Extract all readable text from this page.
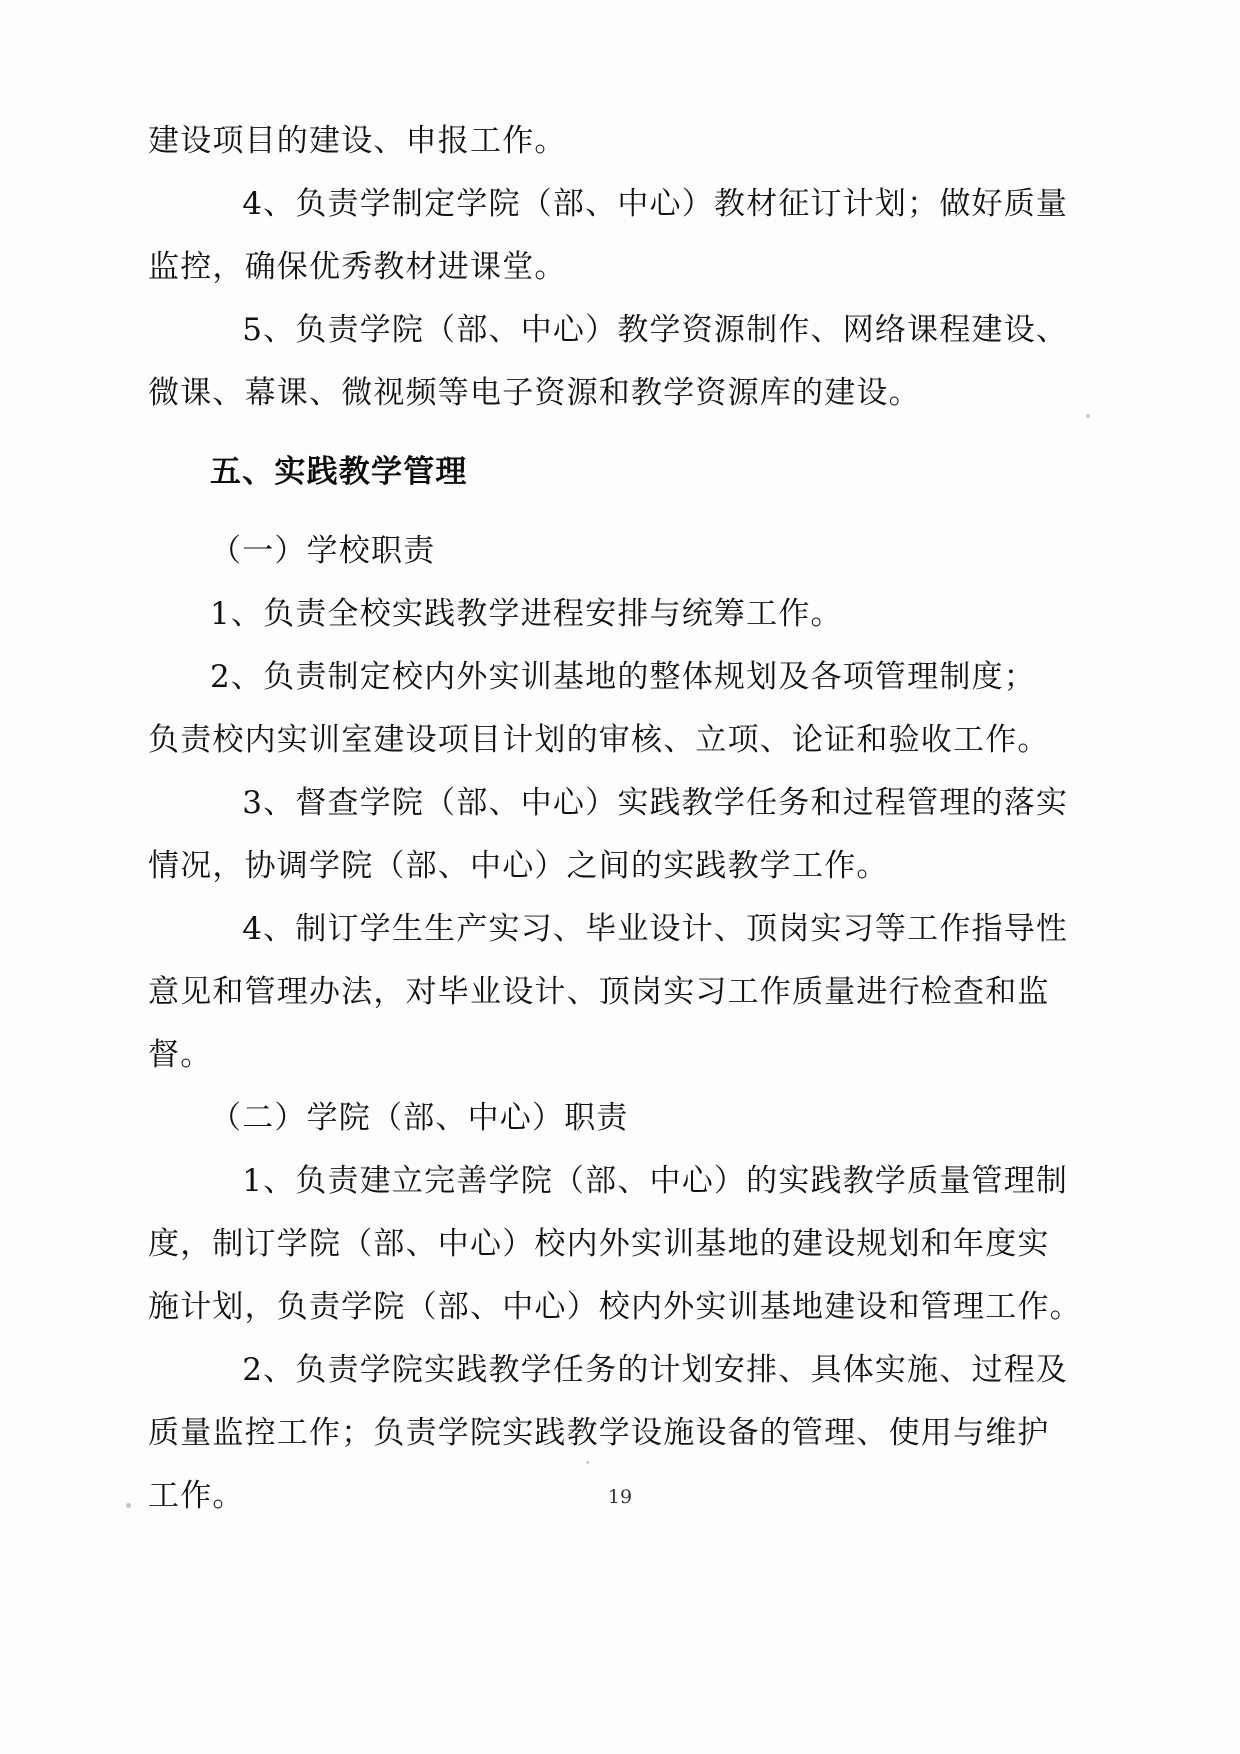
建设项目的建设、申报工作。
　4、负责学制定学院（部、中心）教材征订计划；做好质量
监控，确保优秀教材进课堂。
　5、负责学院（部、中心）教学资源制作、网络课程建设、
微课、幕课、微视频等电子资源和教学资源库的建设。
五、实践教学管理
（一）学校职责
1、负责全校实践教学进程安排与统筹工作。
2、负责制定校内外实训基地的整体规划及各项管理制度；
负责校内实训室建设项目计划的审核、立项、论证和验收工作。
　3、督查学院（部、中心）实践教学任务和过程管理的落实
情况，协调学院（部、中心）之间的实践教学工作。
　4、制订学生生产实习、毕业设计、顶岗实习等工作指导性
意见和管理办法，对毕业设计、顶岗实习工作质量进行检查和监
督。
（二）学院（部、中心）职责
　1、负责建立完善学院（部、中心）的实践教学质量管理制
度，制订学院（部、中心）校内外实训基地的建设规划和年度实
施计划，负责学院（部、中心）校内外实训基地建设和管理工作。
　2、负责学院实践教学任务的计划安排、具体实施、过程及
质量监控工作；负责学院实践教学设施设备的管理、使用与维护
工作。	19
